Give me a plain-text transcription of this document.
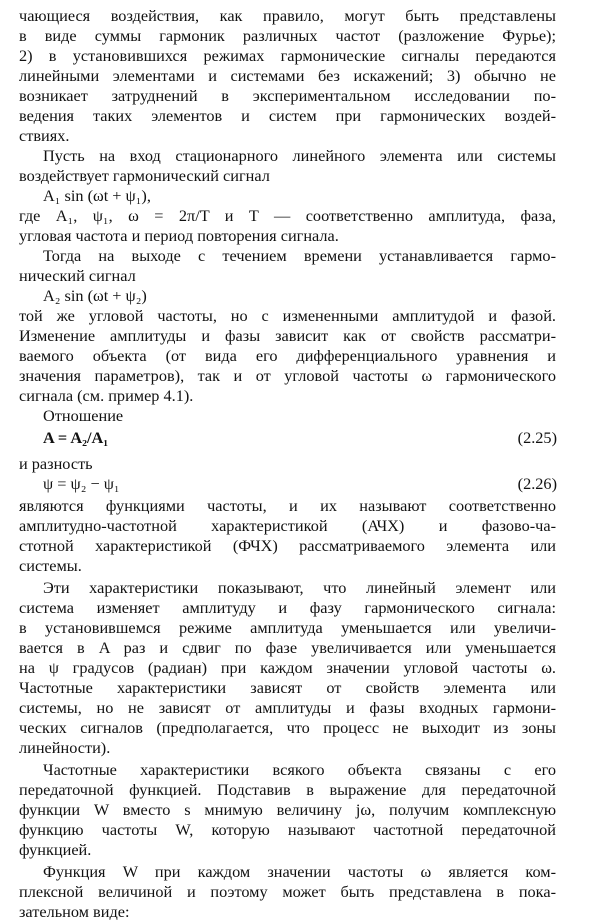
чающиеся воздействия, как правило, могут быть представлены
в виде суммы гармоник различных частот (разложение Фурье);
2) в установившихся режимах гармонические сигналы передаются
линейными элементами и системами без искажений; 3) обычно не
возникает затруднений в экспериментальном исследовании по-
ведения таких элементов и систем при гармонических воздей-
ствиях.
Пусть на вход стационарного линейного элемента или системы
воздействует гармонический сигнал
A₁ sin (ωt + ψ₁),
где A₁, ψ₁, ω = 2π/T и T — соответственно амплитуда, фаза,
угловая частота и период повторения сигнала.
Тогда на выходе с течением времени устанавливается гармо-
нический сигнал
A₂ sin (ωt + ψ₂)
той же угловой частоты, но с измененными амплитудой и фазой.
Изменение амплитуды и фазы зависит как от свойств рассматри-
ваемого объекта (от вида его дифференциального уравнения и
значения параметров), так и от угловой частоты ω гармонического
сигнала (см. пример 4.1).
Отношение
A = A₂/A₁	(2.25)
и разность
ψ = ψ₂ − ψ₁	(2.26)
являются функциями частоты, и их называют соответственно
амплитудно-частотной характеристикой (АЧХ) и фазово-ча-
стотной характеристикой (ФЧХ) рассматриваемого элемента или
системы.
Эти характеристики показывают, что линейный элемент или
система изменяет амплитуду и фазу гармонического сигнала:
в установившемся режиме амплитуда уменьшается или увеличи-
вается в A раз и сдвиг по фазе увеличивается или уменьшается
на ψ градусов (радиан) при каждом значении угловой частоты ω.
Частотные характеристики зависят от свойств элемента или
системы, но не зависят от амплитуды и фазы входных гармони-
ческих сигналов (предполагается, что процесс не выходит из зоны
линейности).
Частотные характеристики всякого объекта связаны с его
передаточной функцией. Подставив в выражение для передаточной
функции W вместо s мнимую величину jω, получим комплексную
функцию частоты W, которую называют частотной передаточной
функцией.
Функция W при каждом значении частоты ω является ком-
плексной величиной и поэтому может быть представлена в пока-
зательном виде:
